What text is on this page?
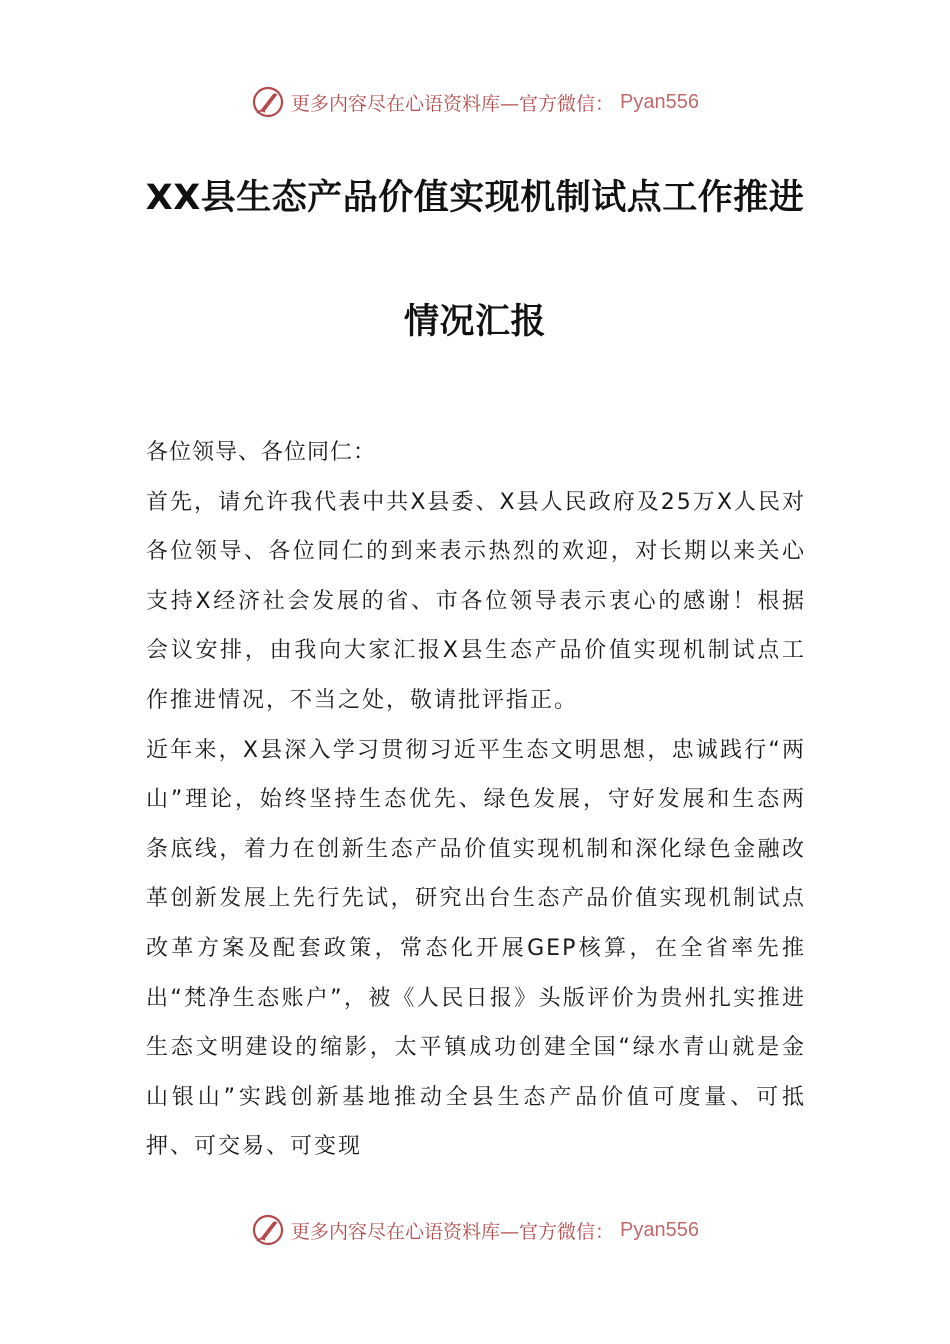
更多内容尽在心语资料库—官方微信： Pyan556
XX县生态产品价值实现机制试点工作推进
情况汇报

各位领导、各位同仁：

首先，请允许我代表中共X县委、X县人民政府及25万X人民对各位领导、各位同仁的到来表示热烈的欢迎，对长期以来关心支持X经济社会发展的省、市各位领导表示衷心的感谢！根据会议安排，由我向大家汇报X县生态产品价值实现机制试点工作推进情况，不当之处，敬请批评指正。

近年来，X县深入学习贯彻习近平生态文明思想，忠诚践行“两山”理论，始终坚持生态优先、绿色发展，守好发展和生态两条底线，着力在创新生态产品价值实现机制和深化绿色金融改革创新发展上先行先试，研究出台生态产品价值实现机制试点改革方案及配套政策，常态化开展GEP核算，在全省率先推出“梵净生态账户”，被《人民日报》头版评价为贵州扎实推进生态文明建设的缩影，太平镇成功创建全国“绿水青山就是金山银山”实践创新基地推动全县生态产品价值可度量、可抵押、可交易、可变现

更多内容尽在心语资料库—官方微信： Pyan556
